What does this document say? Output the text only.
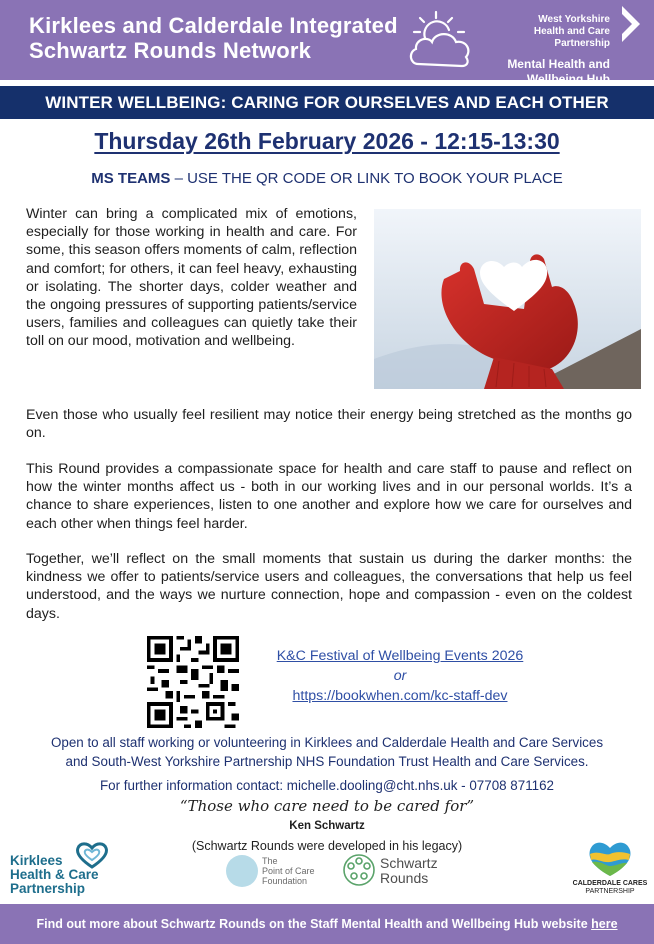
Kirklees and Calderdale Integrated
Schwartz Rounds Network
West Yorkshire
Health and Care Partnership
Mental Health and
Wellbeing Hub
WINTER WELLBEING: CARING FOR OURSELVES AND EACH OTHER
Thursday 26th February 2026 - 12:15-13:30
MS TEAMS – USE THE QR CODE OR LINK TO BOOK YOUR PLACE

Winter can bring a complicated mix of emotions, especially for those working in health and care. For some, this season offers moments of calm, reflection and comfort; for others, it can feel heavy, exhausting or isolating. The shorter days, colder weather and the ongoing pressures of supporting patients/service users, families and colleagues can quietly take their toll on our mood, motivation and wellbeing.

Even those who usually feel resilient may notice their energy being stretched as the months go on.

This Round provides a compassionate space for health and care staff to pause and reflect on how the winter months affect us - both in our working lives and in our personal worlds. It’s a chance to share experiences, listen to one another and explore how we care for ourselves and each other when things feel harder.

Together, we’ll reflect on the small moments that sustain us during the darker months: the kindness we offer to patients/service users and colleagues, the conversations that help us feel understood, and the ways we nurture connection, hope and compassion - even on the coldest days.

K&C Festival of Wellbeing Events 2026
or
https://bookwhen.com/kc-staff-dev
Open to all staff working or volunteering in Kirklees and Calderdale Health and Care Services
and South-West Yorkshire Partnership NHS Foundation Trust Health and Care Services.
For further information contact: michelle.dooling@cht.nhs.uk - 07708 871162
“Those who care need to be cared for”
Ken Schwartz
(Schwartz Rounds were developed in his legacy)
Kirklees
Health & Care
Partnership
The
Point of Care
Foundation
Schwartz
Rounds	CALDERDALE CARES
PARTNERSHIP
Find out more about Schwartz Rounds on the Staff Mental Health and Wellbeing Hub website here
